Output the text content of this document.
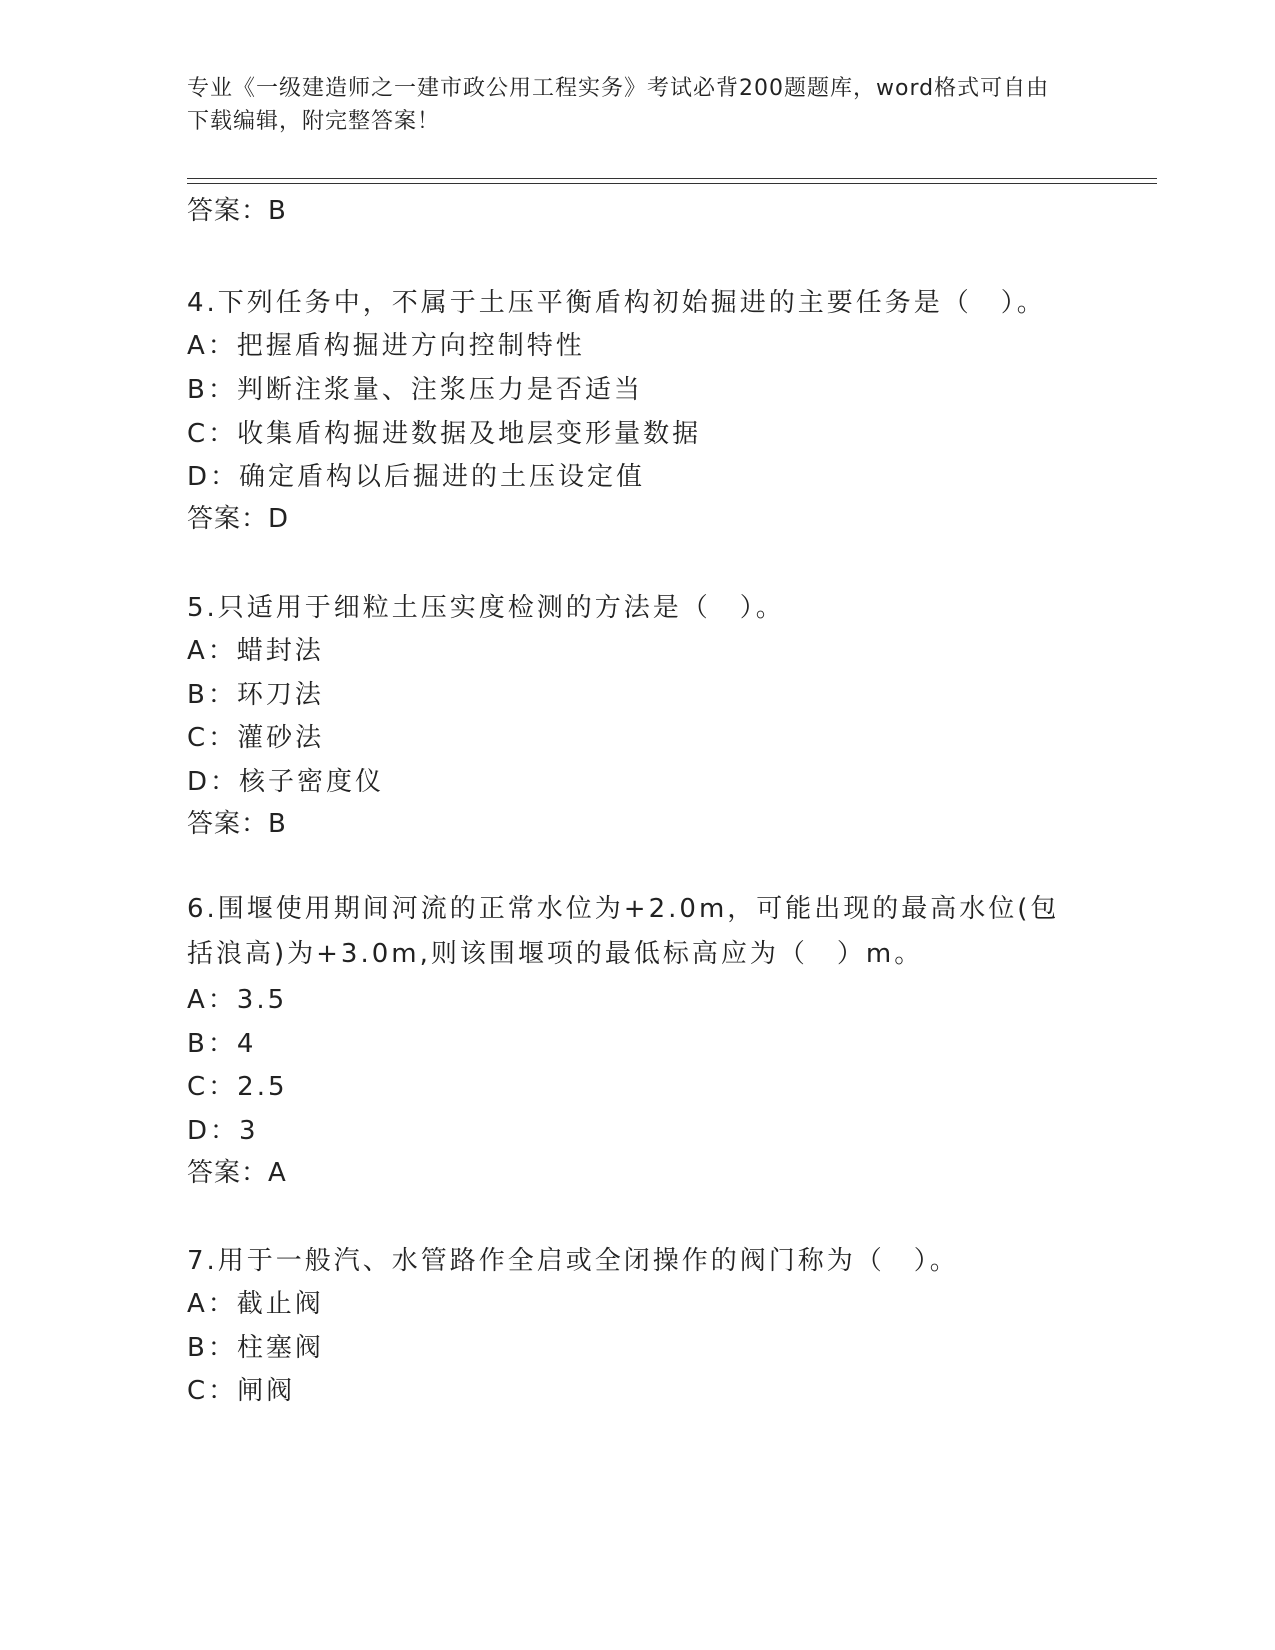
专业《一级建造师之一建市政公用工程实务》考试必背200题题库，word格式可自由下载编辑，附完整答案！
答案：B
4.下列任务中，不属于土压平衡盾构初始掘进的主要任务是（　）。
A：把握盾构掘进方向控制特性
B：判断注浆量、注浆压力是否适当
C：收集盾构掘进数据及地层变形量数据
D：确定盾构以后掘进的土压设定值
答案：D
5.只适用于细粒土压实度检测的方法是（　）。
A：蜡封法
B：环刀法
C：灌砂法
D：核子密度仪
答案：B
6.围堰使用期间河流的正常水位为+2.0m，可能出现的最高水位(包括浪高)为+3.0m,则该围堰项的最低标高应为（　）m。
A：3.5
B：4
C：2.5
D：3
答案：A
7.用于一般汽、水管路作全启或全闭操作的阀门称为（　）。
A：截止阀
B：柱塞阀
C：闸阀
